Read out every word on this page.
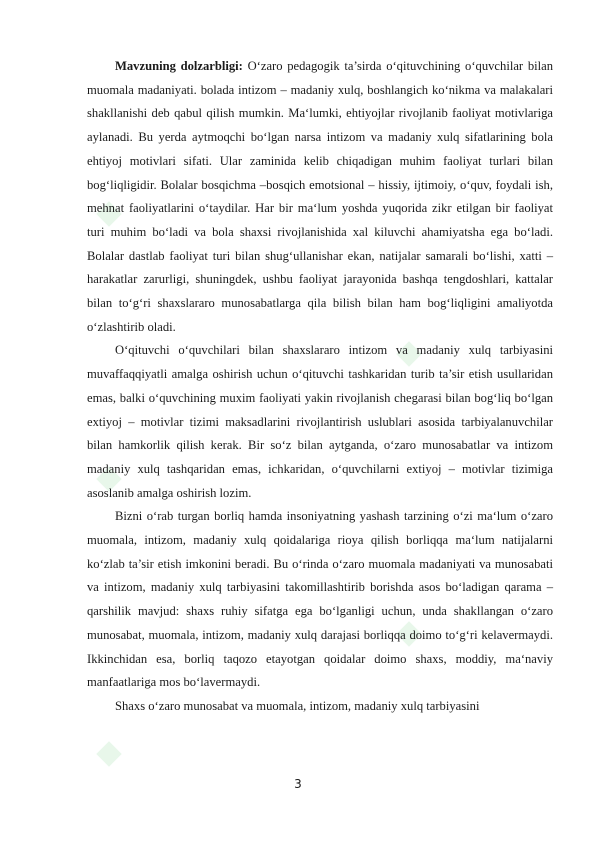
Mavzuning dolzarbligi: O‘zaro pedagogik ta’sirda o‘qituvchining o‘quvchilar bilan muomala madaniyati. bolada intizom – madaniy xulq, boshlangich ko‘nikma va malakalari shakllanishi deb qabul qilish mumkin. Ma‘lumki, ehtiyojlar rivojlanib faoliyat motivlariga aylanadi. Bu yerda aytmoqchi bo‘lgan narsa intizom va madaniy xulq sifatlarining bola ehtiyoj motivlari sifati. Ular zaminida kelib chiqadigan muhim faoliyat turlari bilan bog‘liqligidir. Bolalar bosqichma –bosqich emotsional – hissiy, ijtimoiy, o‘quv, foydali ish, mehnat faoliyatlarini o‘taydilar. Har bir ma‘lum yoshda yuqorida zikr etilgan bir faoliyat turi muhim bo‘ladi va bola shaxsi rivojlanishida xal kiluvchi ahamiyatsha ega bo‘ladi. Bolalar dastlab faoliyat turi bilan shug‘ullanishar ekan, natijalar samarali bo‘lishi, xatti – harakatlar zarurligi, shuningdek, ushbu faoliyat jarayonida bashqa tengdoshlari, kattalar bilan to‘g‘ri shaxslararo munosabatlarga qila bilish bilan ham bog‘liqligini amaliyotda o‘zlashtirib oladi.

O‘qituvchi o‘quvchilari bilan shaxslararo intizom va madaniy xulq tarbiyasini muvaffaqqiyatli amalga oshirish uchun o‘qituvchi tashkaridan turib ta’sir etish usullaridan emas, balki o‘quvchining muxim faoliyati yakin rivojlanish chegarasi bilan bog‘liq bo‘lgan extiyoj – motivlar tizimi maksadlarini rivojlantirish uslublari asosida tarbiyalanuvchilar bilan hamkorlik qilish kerak. Bir so‘z bilan aytganda, o‘zaro munosabatlar va intizom madaniy xulq tashqaridan emas, ichkaridan, o‘quvchilarni extiyoj – motivlar tizimiga asoslanib amalga oshirish lozim.

Bizni o‘rab turgan borliq hamda insoniyatning yashash tarzining o‘zi ma‘lum o‘zaro muomala, intizom, madaniy xulq qoidalariga rioya qilish borliqqa ma‘lum natijalarni ko‘zlab ta’sir etish imkonini beradi. Bu o‘rinda o‘zaro muomala madaniyati va munosabati va intizom, madaniy xulq tarbiyasini takomillashtirib borishda asos bo‘ladigan qarama – qarshilik mavjud: shaxs ruhiy sifatga ega bo‘lganligi uchun, unda shakllangan o‘zaro munosabat, muomala, intizom, madaniy xulq darajasi borliqqa doimo to‘g‘ri kelavermaydi. Ikkinchidan esa, borliq taqozo etayotgan qoidalar doimo shaxs, moddiy, ma‘naviy manfaatlariga mos bo‘lavermaydi.

Shaxs o‘zaro munosabat va muomala, intizom, madaniy xulq tarbiyasini

3
